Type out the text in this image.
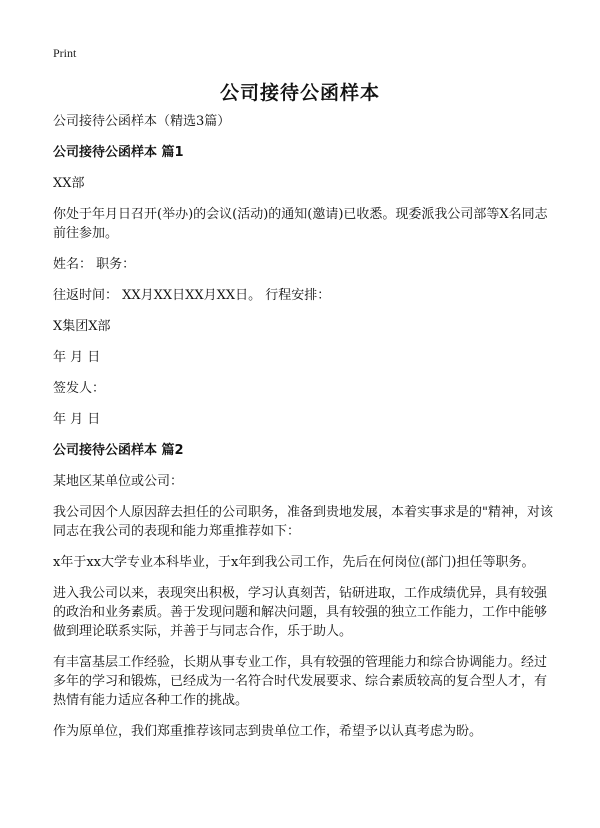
Print
公司接待公函样本

公司接待公函样本（精选3篇）

公司接待公函样本 篇1

XX部

你处于年月日召开(举办)的会议(活动)的通知(邀请)已收悉。现委派我公司部等X名同志前往参加。

姓名： 职务：

往返时间： XX月XX日XX月XX日。 行程安排：

X集团X部

年 月 日

签发人：

年 月 日

公司接待公函样本 篇2

某地区某单位或公司：

我公司因个人原因辞去担任的公司职务，准备到贵地发展，本着实事求是的"精神，对该同志在我公司的表现和能力郑重推荐如下：

x年于xx大学专业本科毕业，于x年到我公司工作，先后在何岗位(部门)担任等职务。

进入我公司以来，表现突出积极，学习认真刻苦，钻研进取，工作成绩优异，具有较强的政治和业务素质。善于发现问题和解决问题，具有较强的独立工作能力，工作中能够做到理论联系实际，并善于与同志合作，乐于助人。

有丰富基层工作经验，长期从事专业工作，具有较强的管理能力和综合协调能力。经过多年的学习和锻炼，已经成为一名符合时代发展要求、综合素质较高的复合型人才，有热情有能力适应各种工作的挑战。

作为原单位，我们郑重推荐该同志到贵单位工作，希望予以认真考虑为盼。
